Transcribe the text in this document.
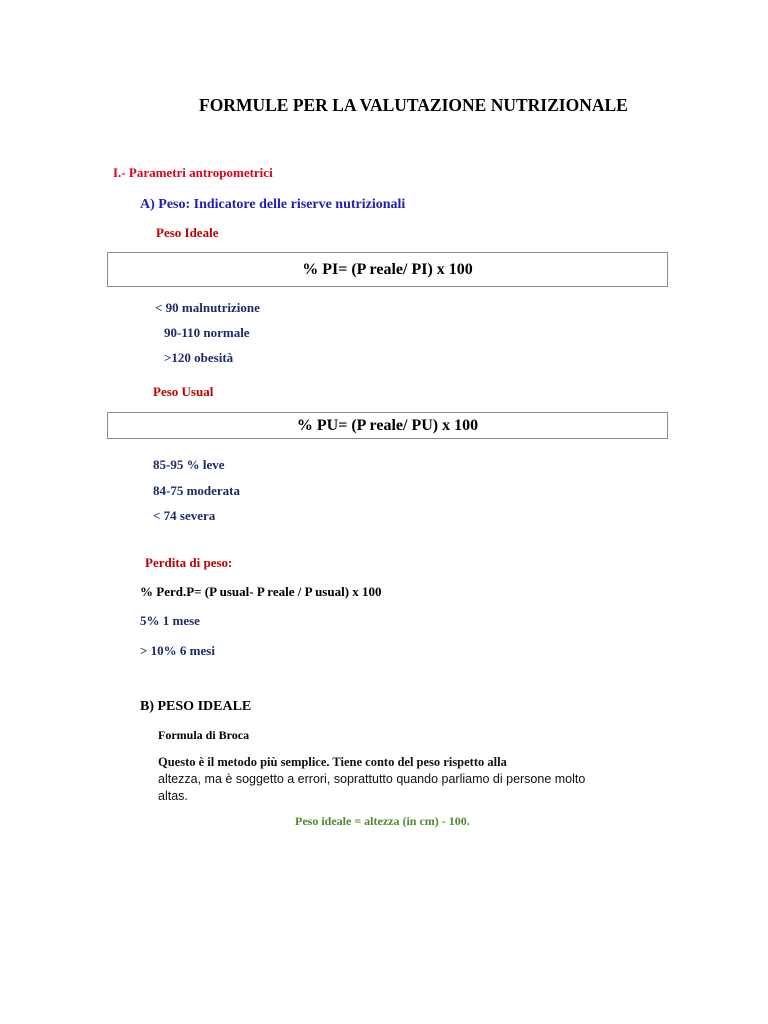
FORMULE PER LA VALUTAZIONE NUTRIZIONALE
I.- Parametri antropometrici
A) Peso: Indicatore delle riserve nutrizionali
Peso Ideale
% PI= (P reale/ PI) x 100
< 90 malnutrizione
90-110 normale
>120 obesità
Peso Usual
% PU= (P reale/ PU) x 100
85-95 % leve
84-75 moderata
< 74 severa
Perdita di peso:
% Perd.P= (P usual- P reale / P usual) x 100
5% 1 mese
> 10% 6 mesi
B) PESO IDEALE
Formula di Broca
Questo è il metodo più semplice. Tiene conto del peso rispetto alla
altezza, ma è soggetto a errori, soprattutto quando parliamo di persone molto altas.
Peso ideale = altezza (in cm) - 100.
